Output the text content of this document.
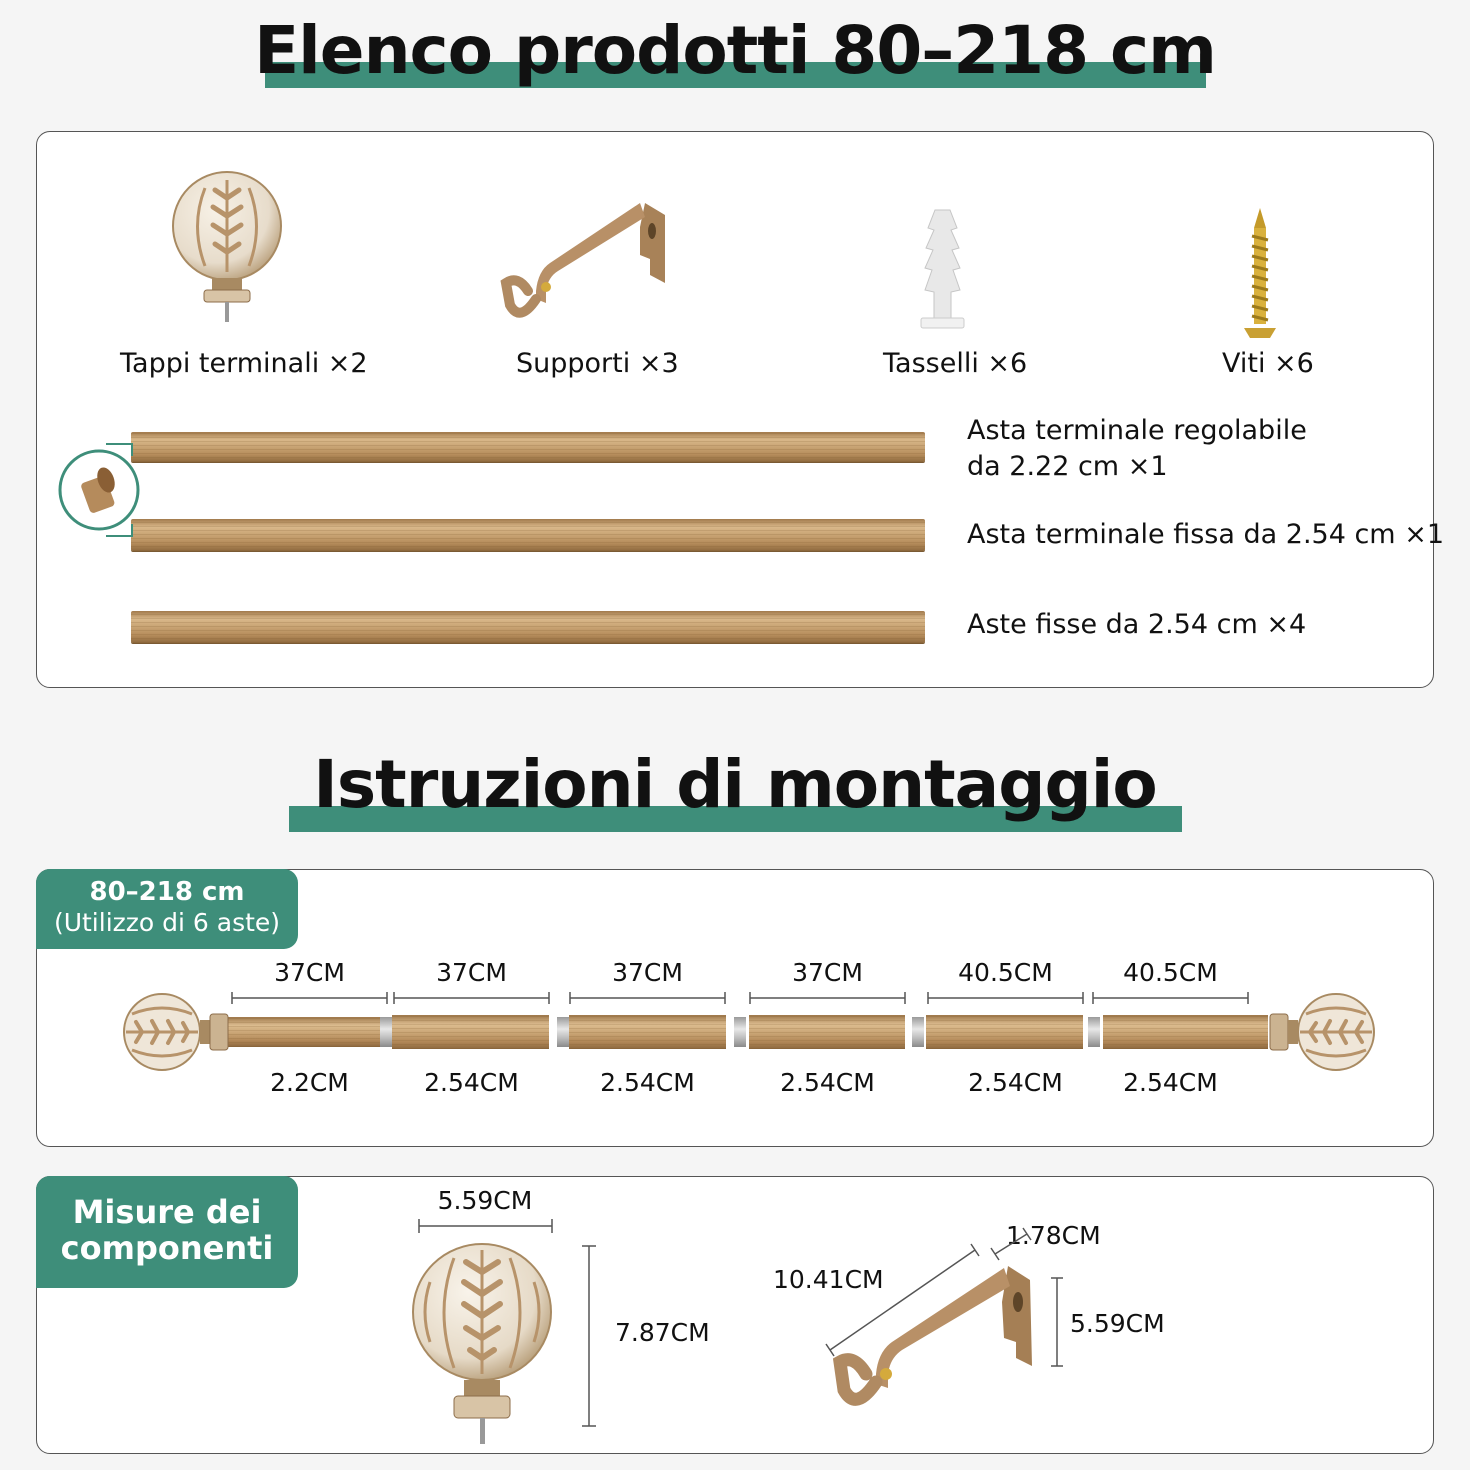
Elenco prodotti 80–218 cm
Tappi terminali ×2	Supporti ×3	Tasselli ×6	Viti ×6
Asta terminale regolabile
da 2.22 cm ×1
Asta terminale fissa da 2.54 cm ×1
Aste fisse da 2.54 cm ×4
Istruzioni di montaggio
80–218 cm
(Utilizzo di 6 aste)
37CM	37CM	37CM	37CM	40.5CM	40.5CM
2.2CM	2.54CM	2.54CM	2.54CM	2.54CM	2.54CM
Misure dei
componenti
5.59CM
7.87CM
10.41CM
1.78CM
5.59CM
